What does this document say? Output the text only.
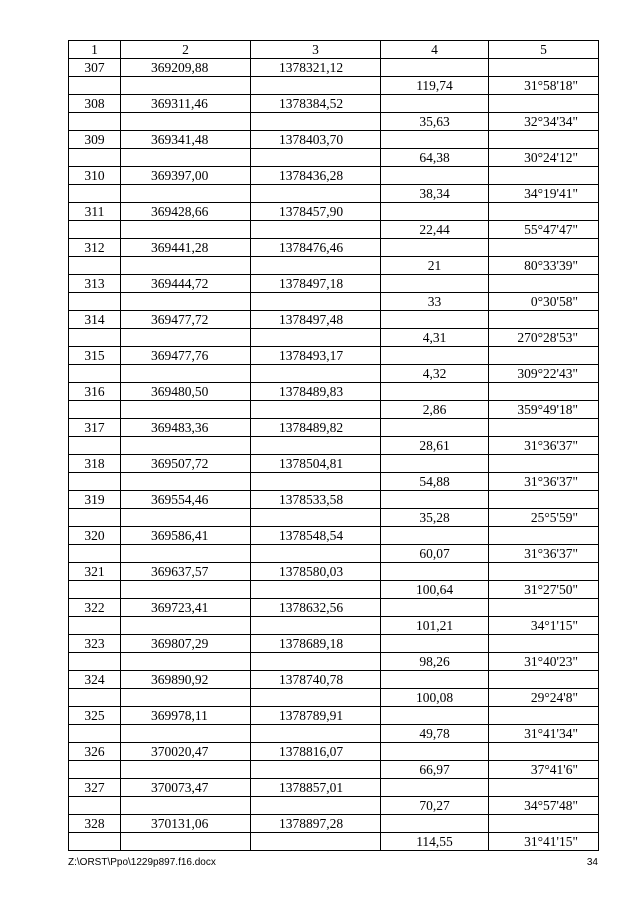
1	2	3	4	5
307	369209,88	1378321,12		
			119,74	31°58'18"
308	369311,46	1378384,52		
			35,63	32°34'34"
309	369341,48	1378403,70		
			64,38	30°24'12"
310	369397,00	1378436,28		
			38,34	34°19'41"
311	369428,66	1378457,90		
			22,44	55°47'47"
312	369441,28	1378476,46		
			21	80°33'39"
313	369444,72	1378497,18		
			33	0°30'58"
314	369477,72	1378497,48		
			4,31	270°28'53"
315	369477,76	1378493,17		
			4,32	309°22'43"
316	369480,50	1378489,83		
			2,86	359°49'18"
317	369483,36	1378489,82		
			28,61	31°36'37"
318	369507,72	1378504,81		
			54,88	31°36'37"
319	369554,46	1378533,58		
			35,28	25°5'59"
320	369586,41	1378548,54		
			60,07	31°36'37"
321	369637,57	1378580,03		
			100,64	31°27'50"
322	369723,41	1378632,56		
			101,21	34°1'15"
323	369807,29	1378689,18		
			98,26	31°40'23"
324	369890,92	1378740,78		
			100,08	29°24'8"
325	369978,11	1378789,91		
			49,78	31°41'34"
326	370020,47	1378816,07		
			66,97	37°41'6"
327	370073,47	1378857,01		
			70,27	34°57'48"
328	370131,06	1378897,28		
			114,55	31°41'15"
Z:\ORST\Ppo\1229p897.f16.docx	34
